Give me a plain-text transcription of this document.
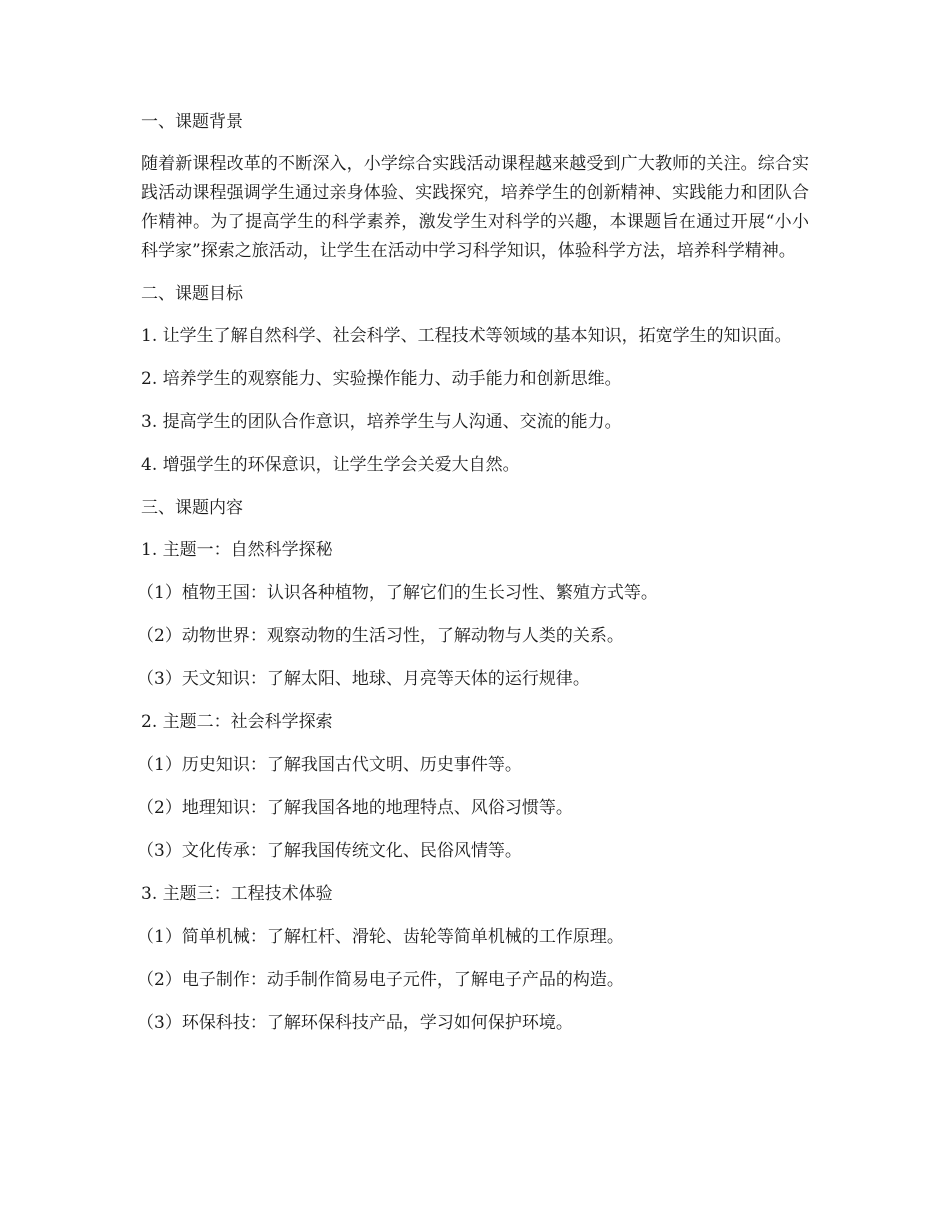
一、课题背景

随着新课程改革的不断深入，小学综合实践活动课程越来越受到广大教师的关注。综合实践活动课程强调学生通过亲身体验、实践探究，培养学生的创新精神、实践能力和团队合作精神。为了提高学生的科学素养，激发学生对科学的兴趣，本课题旨在通过开展“小小科学家”探索之旅活动，让学生在活动中学习科学知识，体验科学方法，培养科学精神。

二、课题目标

1. 让学生了解自然科学、社会科学、工程技术等领域的基本知识，拓宽学生的知识面。

2. 培养学生的观察能力、实验操作能力、动手能力和创新思维。

3. 提高学生的团队合作意识，培养学生与人沟通、交流的能力。

4. 增强学生的环保意识，让学生学会关爱大自然。

三、课题内容

1. 主题一：自然科学探秘

（1）植物王国：认识各种植物，了解它们的生长习性、繁殖方式等。

（2）动物世界：观察动物的生活习性，了解动物与人类的关系。

（3）天文知识：了解太阳、地球、月亮等天体的运行规律。

2. 主题二：社会科学探索

（1）历史知识：了解我国古代文明、历史事件等。

（2）地理知识：了解我国各地的地理特点、风俗习惯等。

（3）文化传承：了解我国传统文化、民俗风情等。

3. 主题三：工程技术体验

（1）简单机械：了解杠杆、滑轮、齿轮等简单机械的工作原理。

（2）电子制作：动手制作简易电子元件，了解电子产品的构造。

（3）环保科技：了解环保科技产品，学习如何保护环境。
